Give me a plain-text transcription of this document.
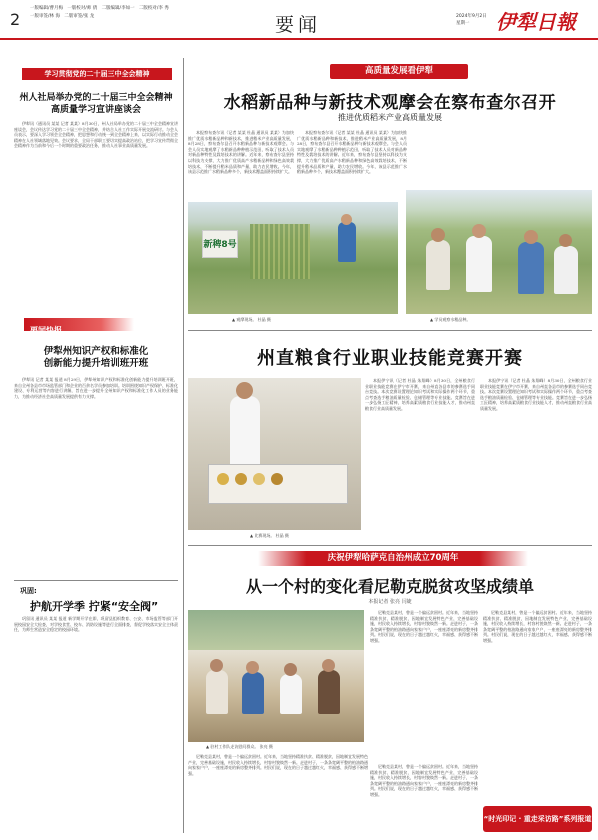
2
一版编辑/曹月梅 一版校对/师 倩 二版编辑/李如一 二版校对/李 秀
一版审签/林 海 二版审签/张 龙	要闻	2024年9月2日
星期一	伊犁日報
学习贯彻党的二十届三中全会精神
州人社局举办党的二十届三中全会精神
高质量学习宣讲座谈会

伊犁讯（通讯员 某某 记者 某某）8月30日，州人社局举办党的二十届三中全会精神宣讲座谈会，会议传达学习党的二十届三中全会精神，并结合人社工作实际开展交流研讨。与会人员表示，要深入学习领会全会精神，把思想和行动统一到全会精神上来，以实际行动推动全会精神在人社领域落地见效。会议要求，全局干部职工要切实提高政治站位，把学习宣传贯彻全会精神作为当前和今后一个时期的重要政治任务，推动人社事业高质量发展。

要闻快报
伊犁州知识产权和标准化
创新能力提升培训班开班

伊犁讯 记者 某某 报道 8月29日，伊犁州知识产权和标准化创新能力提升培训班开班，来自全州各县市市场监管部门和企业的百余名学员参加培训。培训围绕知识产权保护、标准化建设、专利运营等内容进行讲解，旨在进一步提升全州知识产权和标准化工作人员的业务能力，为推动经济社会高质量发展提供有力支撑。

巩固:
护航开学季 拧紧“安全阀”

巩留讯 通讯员 某某 报道 新学期开学在即，巩留县组织教育、公安、市场监管等部门开展校园安全大检查，对学校食堂、校车、消防设施等进行全面排查，督促学校落实安全主体责任，为师生营造安全稳定的校园环境。

高质量发展看伊犁
水稻新品种与新技术观摩会在察布查尔召开
推进优质稻米产业高质量发展

本报察布查尔讯（记者 某某 杜晶 通讯员 某某）为加快推广优质水稻新品种和新技术，推进稻米产业高质量发展，8月28日，察布查尔县召开水稻新品种与新技术观摩会。与会人员实地观摩了水稻新品种种植示范田，听取了技术人员对新品种特性及栽培技术的讲解。近年来，察布查尔县坚持以科技为支撑，大力推广优质高产水稻新品种和绿色高效栽培技术，不断提升稻米品质和产量，助力农民增收。今年，该县示范推广水稻新品种多个，新技术覆盖面积持续扩大。

本报察布查尔讯（记者 某某 杜晶 通讯员 某某）为加快推广优质水稻新品种和新技术，推进稻米产业高质量发展，8月28日，察布查尔县召开水稻新品种与新技术观摩会。与会人员实地观摩了水稻新品种种植示范田，听取了技术人员对新品种特性及栽培技术的讲解。近年来，察布查尔县坚持以科技为支撑，大力推广优质高产水稻新品种和绿色高效栽培技术，不断提升稻米品质和产量，助力农民增收。今年，该县示范推广水稻新品种多个，新技术覆盖面积持续扩大。

新稗8号
▲ 观摩现场。 杜晶 摄	▲ 学员观察水稻品种。
州直粮食行业职业技能竞赛开赛
▲ 比赛现场。 杜晶 摄

本报伊宁讯（记者 杜晶 朱翔峰）8月30日，全州粮食行业职业技能竞赛在伊宁市开赛，来自州直各县市的参赛选手同台竞技。本次竞赛设置理论知识考试和实际操作两个环节，重点考查选手粮油质量检验、仓储管理等专业技能。竞赛旨在进一步弘扬工匠精神，培养高素质粮食行业技能人才，推动州直粮食行业高质量发展。

本报伊宁讯（记者 杜晶 朱翔峰）8月30日，全州粮食行业职业技能竞赛在伊宁市开赛，来自州直各县市的参赛选手同台竞技。本次竞赛设置理论知识考试和实际操作两个环节，重点考查选手粮油质量检验、仓储管理等专业技能。竞赛旨在进一步弘扬工匠精神，培养高素质粮食行业技能人才，推动州直粮食行业高质量发展。

庆祝伊犁哈萨克自治州成立70周年
从一个村的变化看尼勒克脱贫攻坚成绩单
本报记者 张亮 闫婕
▲ 驻村工作队走访慰问群众。 张亮 摄

尼勒克县某村，曾是一个偏远贫困村。近年来，当地坚持精准扶贫、精准脱贫，因地制宜发展特色产业，完善基础设施，村民收入持续增长，村容村貌焕然一新。走进村子，一条条宽阔平整的柏油路通向家家户户，一座座漂亮的新房整齐排列。村民们说，现在的日子越过越红火，幸福感、获得感不断增强。

尼勒克县某村，曾是一个偏远贫困村。近年来，当地坚持精准扶贫、精准脱贫，因地制宜发展特色产业，完善基础设施，村民收入持续增长，村容村貌焕然一新。走进村子，一条条宽阔平整的柏油路通向家家户户，一座座漂亮的新房整齐排列。村民们说，现在的日子越过越红火，幸福感、获得感不断增强。

尼勒克县某村，曾是一个偏远贫困村。近年来，当地坚持精准扶贫、精准脱贫，因地制宜发展特色产业，完善基础设施，村民收入持续增长，村容村貌焕然一新。走进村子，一条条宽阔平整的柏油路通向家家户户，一座座漂亮的新房整齐排列。村民们说，现在的日子越过越红火，幸福感、获得感不断增强。

尼勒克县某村，曾是一个偏远贫困村。近年来，当地坚持精准扶贫、精准脱贫，因地制宜发展特色产业，完善基础设施，村民收入持续增长，村容村貌焕然一新。走进村子，一条条宽阔平整的柏油路通向家家户户，一座座漂亮的新房整齐排列。村民们说，现在的日子越过越红火，幸福感、获得感不断增强。

“时光印记 · 重走采访路”系列报道
